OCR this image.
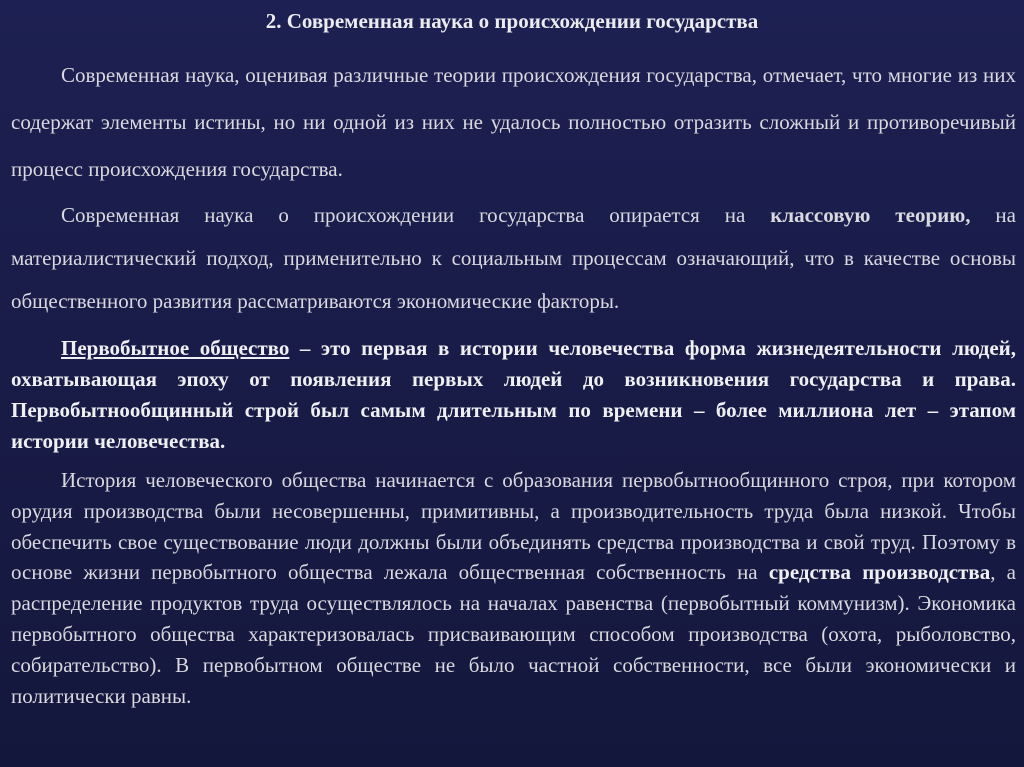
2. Современная наука о происхождении государства

Современная наука, оценивая различные теории происхождения государства, отмечает, что многие из них содержат элементы истины, но ни одной из них не удалось полностью отразить сложный и противоречивый процесс происхождения государства.

Современная наука о происхождении государства опирается на классовую теорию, на материалистический подход, применительно к социальным процессам означающий, что в качестве основы общественного развития рассматриваются экономические факторы.

Первобытное общество – это первая в истории человечества форма жизнедеятельности людей, охватывающая эпоху от появления первых людей до возникновения государства и права. Первобытнообщинный строй был самым длительным по времени – более миллиона лет – этапом истории человечества.

История человеческого общества начинается с образования первобытнообщинного строя, при котором орудия производства были несовершенны, примитивны, а производительность труда была низкой. Чтобы обеспечить свое существование люди должны были объединять средства производства и свой труд. Поэтому в основе жизни первобытного общества лежала общественная собственность на средства производства, а распределение продуктов труда осуществлялось на началах равенства (первобытный коммунизм). Экономика первобытного общества характеризовалась присваивающим способом производства (охота, рыболовство, собирательство). В первобытном обществе не было частной собственности, все были экономически и политически равны.
